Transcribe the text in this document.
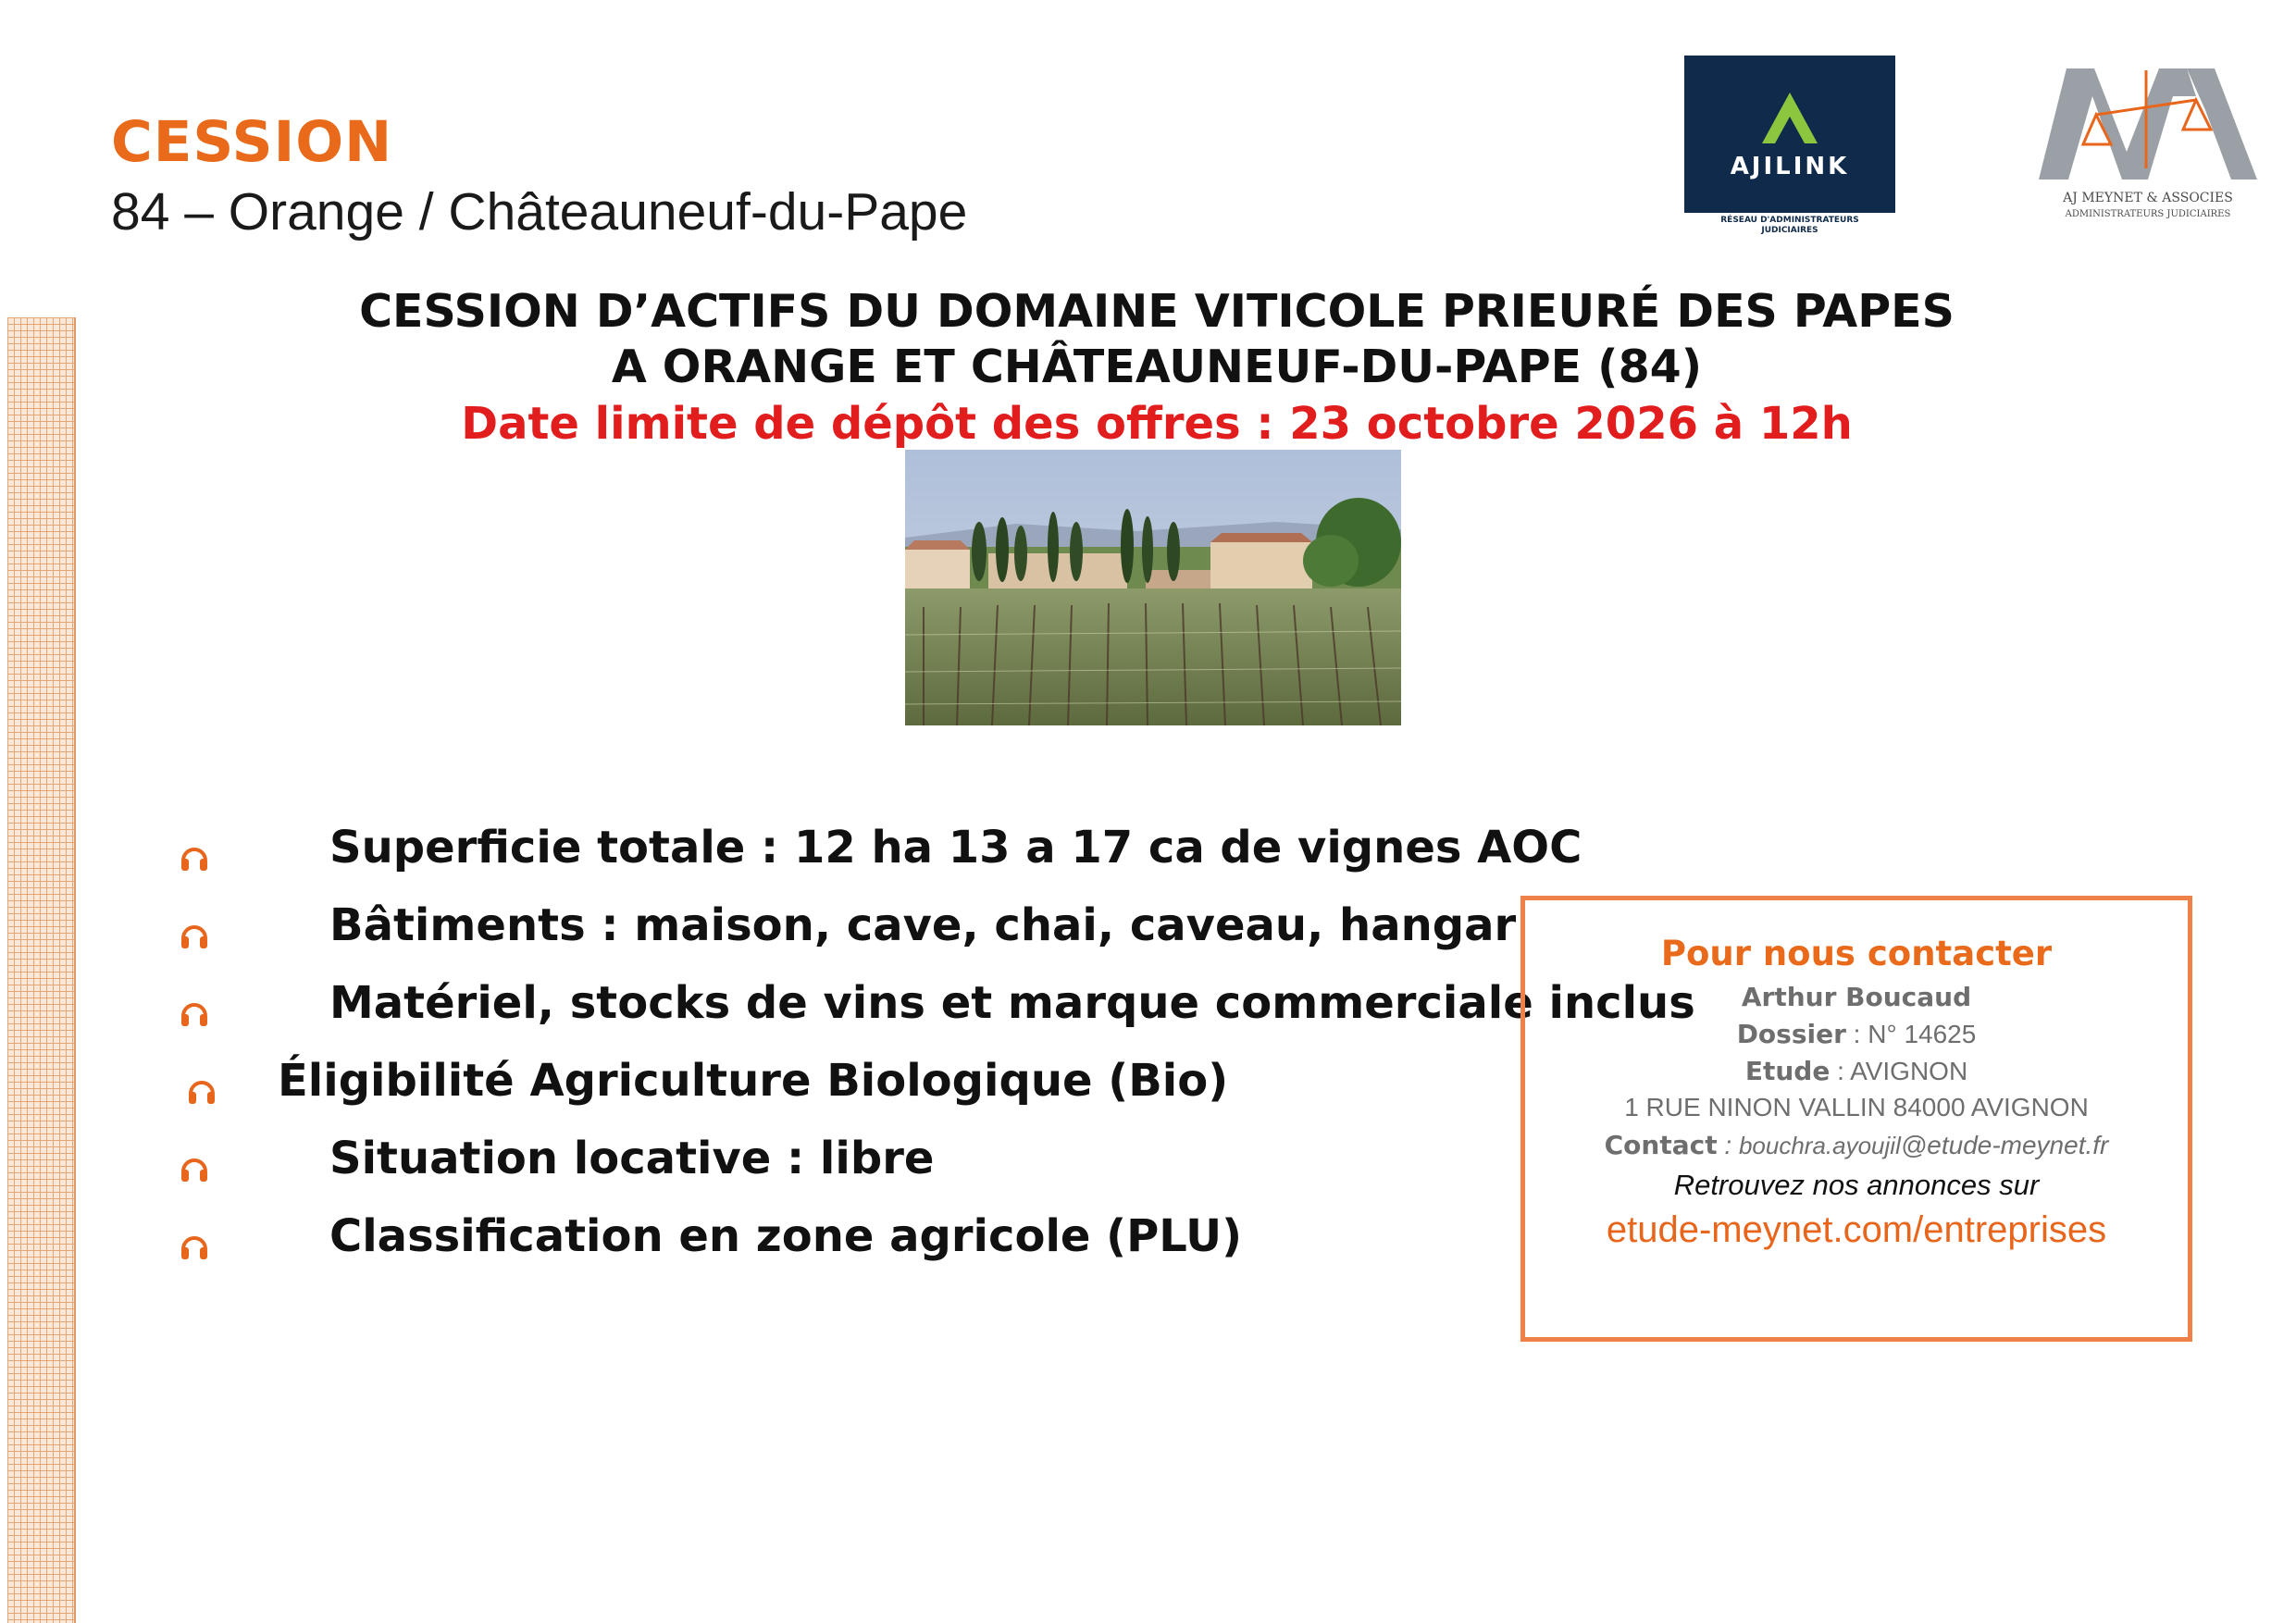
CESSION
84 – Orange / Châteauneuf-du-Pape
AJILINK
RÉSEAU D'ADMINISTRATEURS
JUDICIAIRES
AJ MEYNET & ASSOCIES
ADMINISTRATEURS JUDICIAIRES
CESSION D’ACTIFS DU DOMAINE VITICOLE PRIEURÉ DES PAPES
A ORANGE ET CHÂTEAUNEUF-DU-PAPE (84)
Date limite de dépôt des offres : 23 octobre 2026 à 12h
Superficie totale : 12 ha 13 a 17 ca de vignes AOC
Bâtiments : maison, cave, chai, caveau, hangar
Matériel, stocks de vins et marque commerciale inclus
Éligibilité Agriculture Biologique (Bio)
Situation locative : libre
Classification en zone agricole (PLU)
Pour nous contacter
Arthur Boucaud
Dossier : N° 14625
Etude : AVIGNON
1 RUE NINON VALLIN 84000 AVIGNON
Contact : bouchra.ayoujil@etude-meynet.fr
Retrouvez nos annonces sur
etude-meynet.com/entreprises
